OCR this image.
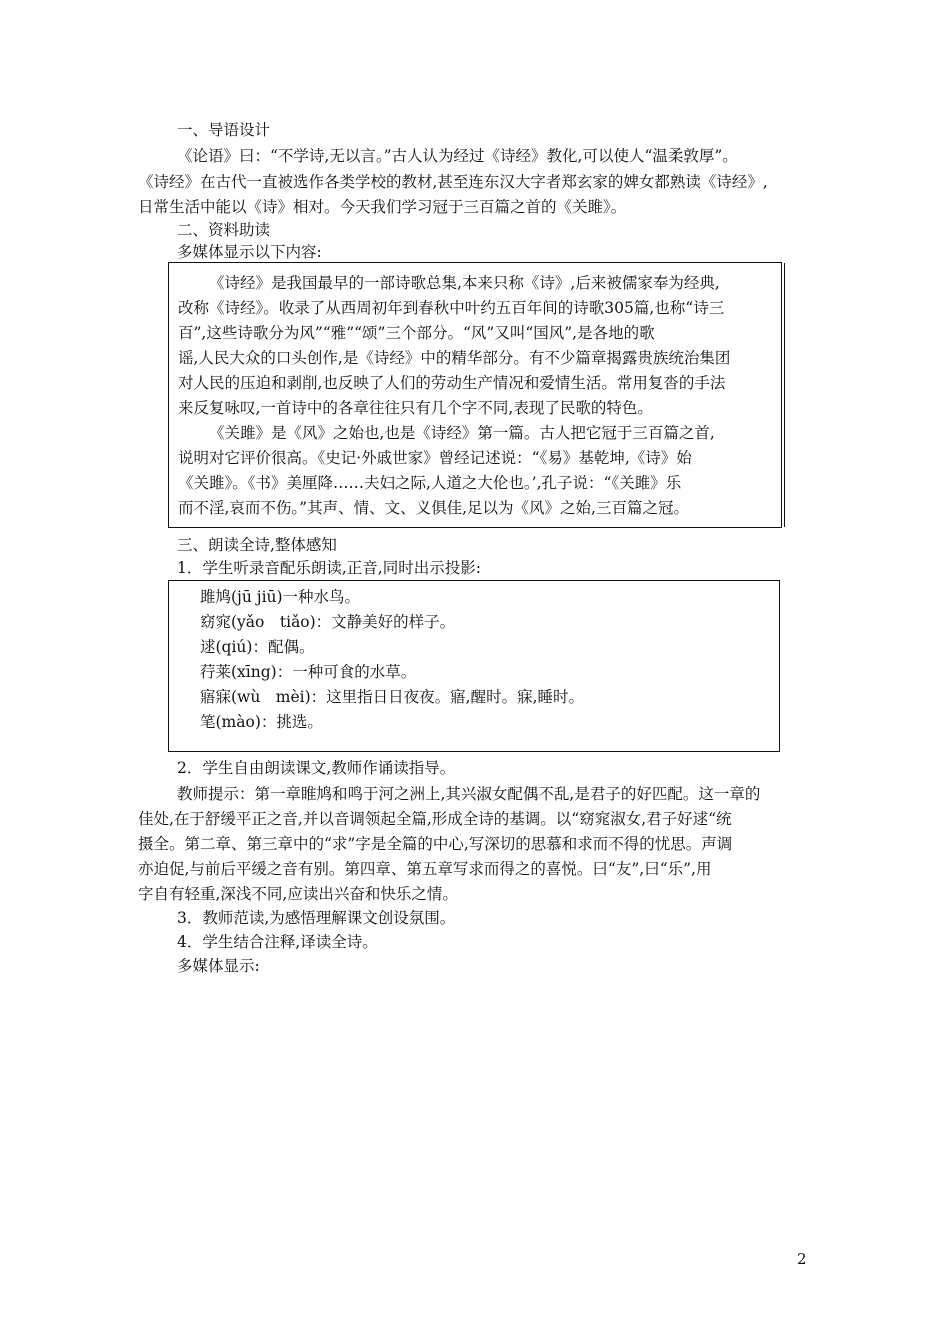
一、导语设计
《论语》曰：“不学诗,无以言。”古人认为经过《诗经》教化,可以使人“温柔敦厚”。
《诗经》在古代一直被选作各类学校的教材,甚至连东汉大字者郑玄家的婢女都熟读《诗经》,
日常生活中能以《诗》相对。今天我们学习冠于三百篇之首的《关雎》。
二、资料助读
多媒体显示以下内容:
《诗经》是我国最早的一部诗歌总集,本来只称《诗》,后来被儒家奉为经典,
改称《诗经》。收录了从西周初年到春秋中叶约五百年间的诗歌305篇,也称“诗三
百”,这些诗歌分为风”“雅”“颂”三个部分。“风”又叫“国风”,是各地的歌
谣,人民大众的口头创作,是《诗经》中的精华部分。有不少篇章揭露贵族统治集团
对人民的压迫和剥削,也反映了人们的劳动生产情况和爱情生活。常用复沓的手法
来反复咏叹,一首诗中的各章往往只有几个字不同,表现了民歌的特色。
《关雎》是《风》之始也,也是《诗经》第一篇。古人把它冠于三百篇之首,
说明对它评价很高。《史记·外戚世家》曾经记述说：“《易》基乾坤,《诗》始
《关雎》。《书》美厘降……夫妇之际,人道之大伦也。’,孔子说：“《关雎》乐
而不淫,哀而不伤。”其声、情、文、义俱佳,足以为《风》之始,三百篇之冠。
三、朗读全诗,整体感知
1．学生听录音配乐朗读,正音,同时出示投影:
雎鸠(jū jiū)一种水鸟。
窈窕(yǎo　tiǎo)：文静美好的样子。
逑(qiú)：配偶。
荇莱(xīng)：一种可食的水草。
寤寐(wù　mèi)：这里指日日夜夜。寤,醒时。寐,睡时。
笔(mào)：挑选。
2．学生自由朗读课文,教师作诵读指导。
教师提示：第一章睢鸠和鸣于河之洲上,其兴淑女配偶不乱,是君子的好匹配。这一章的
佳处,在于舒缓平正之音,并以音调领起全篇,形成全诗的基调。以“窈窕淑女,君子好逑“统
摄全。第二章、第三章中的“求”字是全篇的中心,写深切的思慕和求而不得的忧思。声调
亦迫促,与前后平缓之音有别。第四章、第五章写求而得之的喜悦。曰“友”,曰“乐”,用
字自有轻重,深浅不同,应读出兴奋和快乐之情。
3．教师范读,为感悟理解课文创设氛围。
4．学生结合注释,译读全诗。
多媒体显示:
2
